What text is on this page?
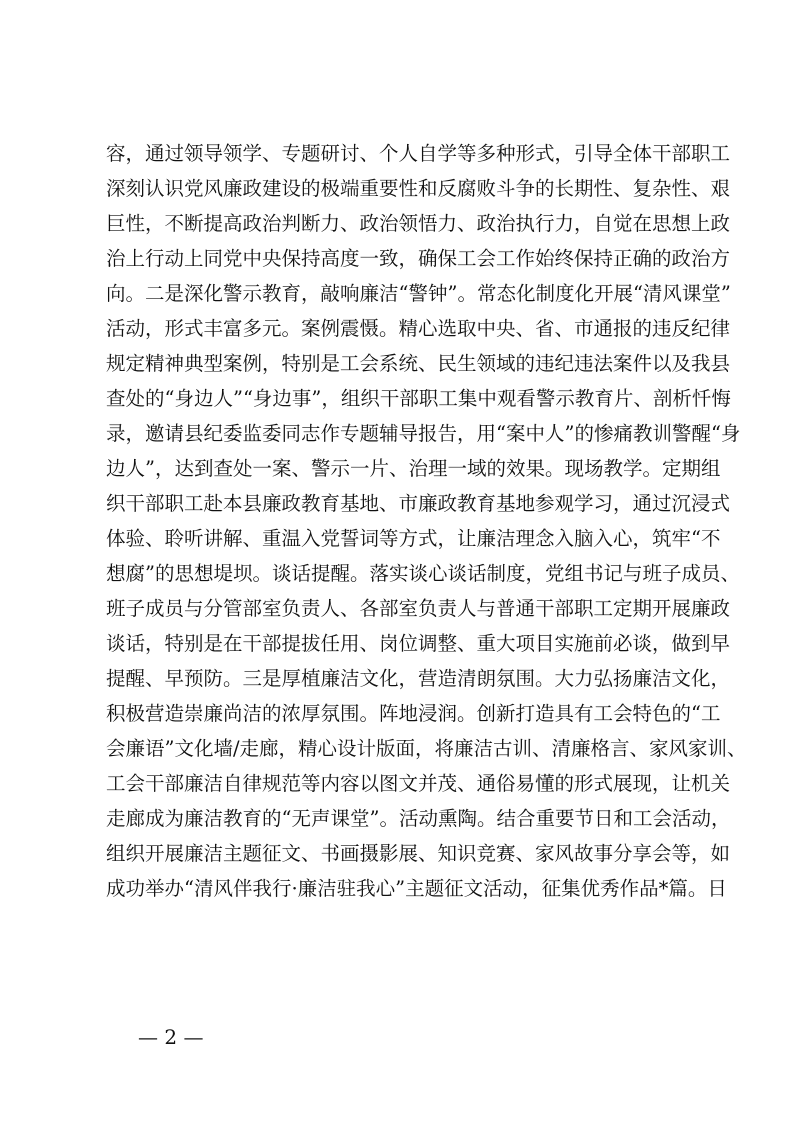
容，通过领导领学、专题研讨、个人自学等多种形式，引导全体干部职工
深刻认识党风廉政建设的极端重要性和反腐败斗争的长期性、复杂性、艰
巨性，不断提高政治判断力、政治领悟力、政治执行力，自觉在思想上政
治上行动上同党中央保持高度一致，确保工会工作始终保持正确的政治方
向。二是深化警示教育，敲响廉洁“警钟”。常态化制度化开展“清风课堂”
活动，形式丰富多元。案例震慑。精心选取中央、省、市通报的违反纪律
规定精神典型案例，特别是工会系统、民生领域的违纪违法案件以及我县
查处的“身边人”“身边事”，组织干部职工集中观看警示教育片、剖析忏悔
录，邀请县纪委监委同志作专题辅导报告，用“案中人”的惨痛教训警醒“身
边人”，达到查处一案、警示一片、治理一域的效果。现场教学。定期组
织干部职工赴本县廉政教育基地、市廉政教育基地参观学习，通过沉浸式
体验、聆听讲解、重温入党誓词等方式，让廉洁理念入脑入心，筑牢“不
想腐”的思想堤坝。谈话提醒。落实谈心谈话制度，党组书记与班子成员、
班子成员与分管部室负责人、各部室负责人与普通干部职工定期开展廉政
谈话，特别是在干部提拔任用、岗位调整、重大项目实施前必谈，做到早
提醒、早预防。三是厚植廉洁文化，营造清朗氛围。大力弘扬廉洁文化，
积极营造崇廉尚洁的浓厚氛围。阵地浸润。创新打造具有工会特色的“工
会廉语”文化墙/走廊，精心设计版面，将廉洁古训、清廉格言、家风家训、
工会干部廉洁自律规范等内容以图文并茂、通俗易懂的形式展现，让机关
走廊成为廉洁教育的“无声课堂”。活动熏陶。结合重要节日和工会活动，
组织开展廉洁主题征文、书画摄影展、知识竞赛、家风故事分享会等，如
成功举办“清风伴我行·廉洁驻我心”主题征文活动，征集优秀作品*篇。日
— 2 —
